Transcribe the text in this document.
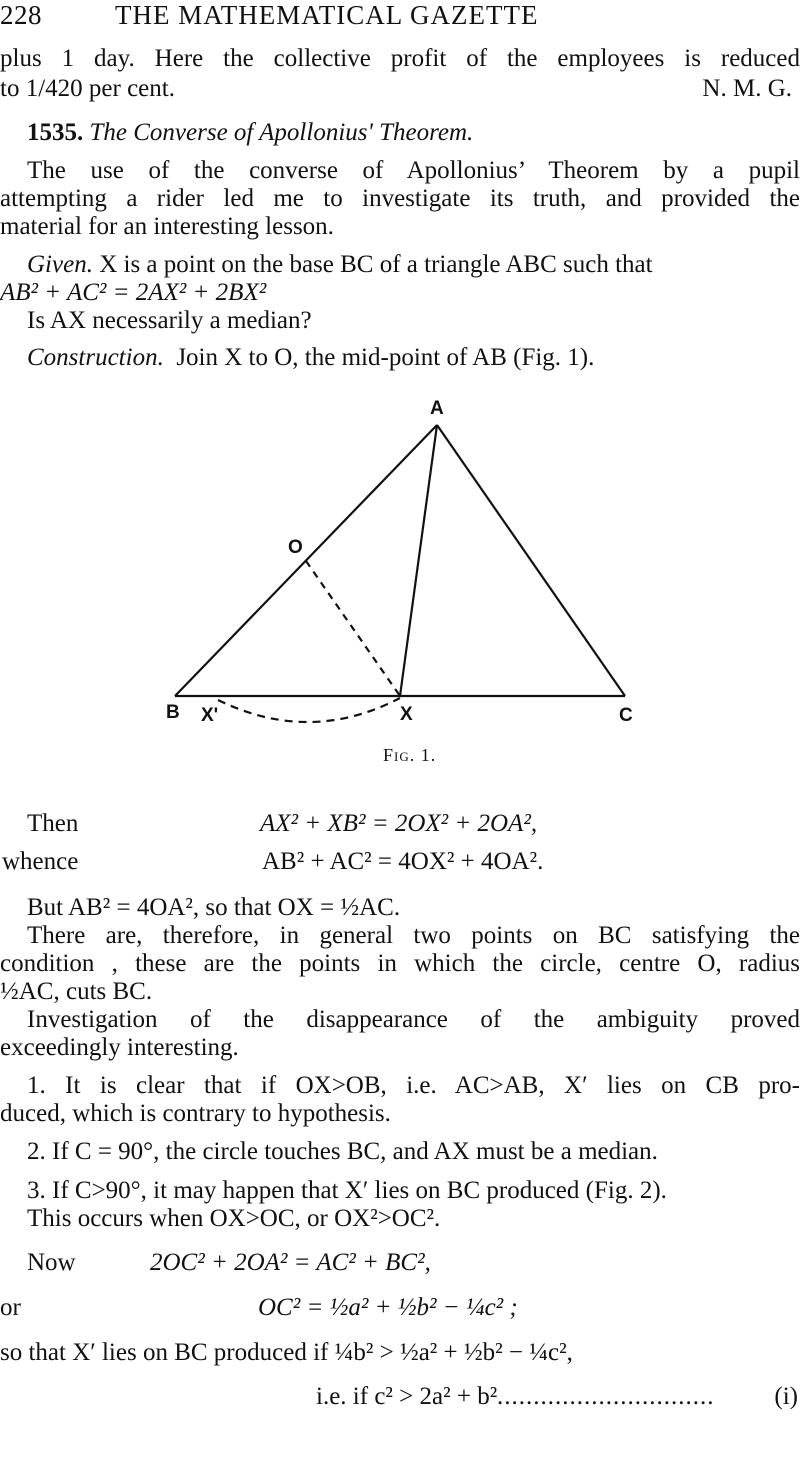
228	THE MATHEMATICAL GAZETTE
plus 1 day. Here the collective profit of the employees is reduced
to 1/420 per cent.	N. M. G.
1535. The Converse of Apollonius' Theorem.
The use of the converse of Apollonius’ Theorem by a pupil
attempting a rider led me to investigate its truth, and provided the
material for an interesting lesson.
Given. X is a point on the base BC of a triangle ABC such that
AB² + AC² = 2AX² + 2BX²
Is AX necessarily a median?
Construction. Join X to O, the mid-point of AB (Fig. 1).
A
O
B X'	X	C
Fig. 1.
Then	AX² + XB² = 2OX² + 2OA²,
whence	AB² + AC² = 4OX² + 4OA².
But AB² = 4OA², so that OX = ½AC.
There are, therefore, in general two points on BC satisfying the
condition , these are the points in which the circle, centre O, radius
½AC, cuts BC.
Investigation of the disappearance of the ambiguity proved
exceedingly interesting.
1. It is clear that if OX>OB, i.e. AC>AB, X′ lies on CB pro-
duced, which is contrary to hypothesis.
2. If C = 90°, the circle touches BC, and AX must be a median.
3. If C>90°, it may happen that X′ lies on BC produced (Fig. 2).
This occurs when OX>OC, or OX²>OC².
Now	2OC² + 2OA² = AC² + BC²,
or	OC² = ½a² + ½b² − ¼c² ;
so that X′ lies on BC produced if ¼b² > ½a² + ½b² − ¼c²,
i.e. if c² > 2a² + b² .............................. (i)
